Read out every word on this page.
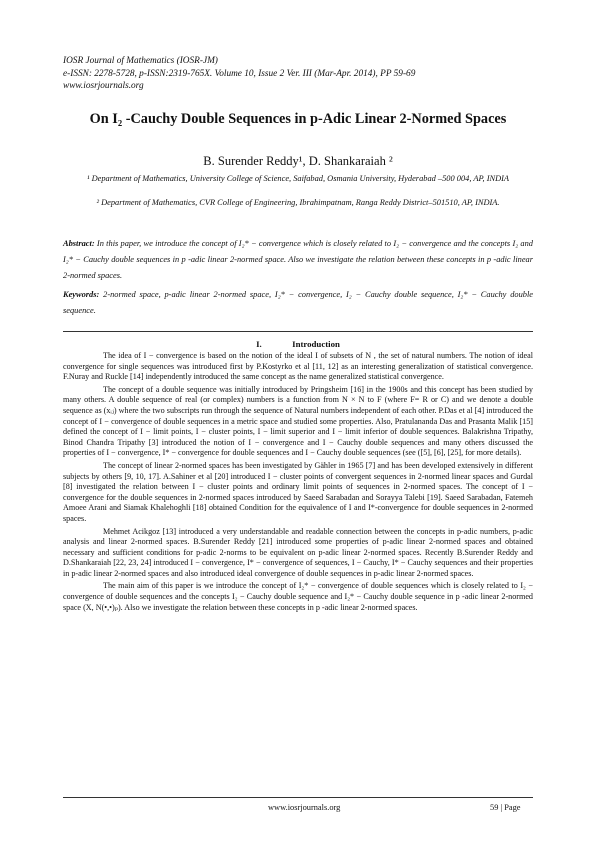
IOSR Journal of Mathematics (IOSR-JM)
e-ISSN: 2278-5728, p-ISSN:2319-765X. Volume 10, Issue 2 Ver. III (Mar-Apr. 2014), PP 59-69
www.iosrjournals.org
On I₂ -Cauchy Double Sequences in p-Adic Linear 2-Normed Spaces
B. Surender Reddy¹, D. Shankaraiah ²
¹ Department of Mathematics, University College of Science, Saifabad, Osmania University, Hyderabad –500 004, AP, INDIA
² Department of Mathematics, CVR College of Engineering, Ibrahimpatnam, Ranga Reddy District–501510, AP, INDIA.
Abstract: In this paper, we introduce the concept of I₂* − convergence which is closely related to I₂ − convergence and the concepts I₂ and I₂* − Cauchy double sequences in p -adic linear 2-normed space. Also we investigate the relation between these concepts in p -adic linear 2-normed spaces.
Keywords: 2-normed space, p-adic linear 2-normed space, I₂* − convergence, I₂ − Cauchy double sequence, I₂* − Cauchy double sequence.
I.	Introduction

The idea of I − convergence is based on the notion of the ideal I of subsets of N , the set of natural numbers. The notion of ideal convergence for single sequences was introduced first by P.Kostyrko et al [11, 12] as an interesting generalization of statistical convergence. F.Nuray and Ruckle [14] independently introduced the same concept as the name generalized statistical convergence.

The concept of a double sequence was initially introduced by Pringsheim [16] in the 1900s and this concept has been studied by many others. A double sequence of real (or complex) numbers is a function from N × N to F (where F= R or C) and we denote a double sequence as (xᵢⱼ) where the two subscripts run through the sequence of Natural numbers independent of each other. P.Das et al [4] introduced the concept of I − convergence of double sequences in a metric space and studied some properties. Also, Pratulananda Das and Prasanta Malik [15] defined the concept of I − limit points, I − cluster points, I − limit superior and I − limit inferior of double sequences. Balakrishna Tripathy, Binod Chandra Tripathy [3] introduced the notion of I − convergence and I − Cauchy double sequences and many others discussed the properties of I − convergence, I* − convergence for double sequences and I − Cauchy double sequences (see ([5], [6], [25], for more details).

The concept of linear 2-normed spaces has been investigated by Gähler in 1965 [7] and has been developed extensively in different subjects by others [9, 10, 17]. A.Sahiner et al [20] introduced I − cluster points of convergent sequences in 2-normed linear spaces and Gurdal [8] investigated the relation between I − cluster points and ordinary limit points of sequences in 2-normed spaces. The concept of I − convergence for the double sequences in 2-normed spaces introduced by Saeed Sarabadan and Sorayya Talebi [19]. Saeed Sarabadan, Fatemeh Amoee Arani and Siamak Khalehoghli [18] obtained Condition for the equivalence of I and I*-convergence for double sequences in 2-normed spaces.

Mehmet Acikgoz [13] introduced a very understandable and readable connection between the concepts in p-adic numbers, p-adic analysis and linear 2-normed spaces. B.Surender Reddy [21] introduced some properties of p-adic linear 2-normed spaces and obtained necessary and sufficient conditions for p-adic 2-norms to be equivalent on p-adic linear 2-normed spaces. Recently B.Surender Reddy and D.Shankaraiah [22, 23, 24] introduced I − convergence, I* − convergence of sequences, I − Cauchy, I* − Cauchy sequences and their properties in p-adic linear 2-normed spaces and also introduced ideal convergence of double sequences in p-adic linear 2-normed spaces.

The main aim of this paper is we introduce the concept of I₂* − convergence of double sequences which is closely related to I₂ − convergence of double sequences and the concepts I₂ − Cauchy double sequence and I₂* − Cauchy double sequence in p -adic linear 2-normed space (X, N(•,•)ₚ). Also we investigate the relation between these concepts in p -adic linear 2-normed spaces.

www.iosrjournals.org	59 | Page
